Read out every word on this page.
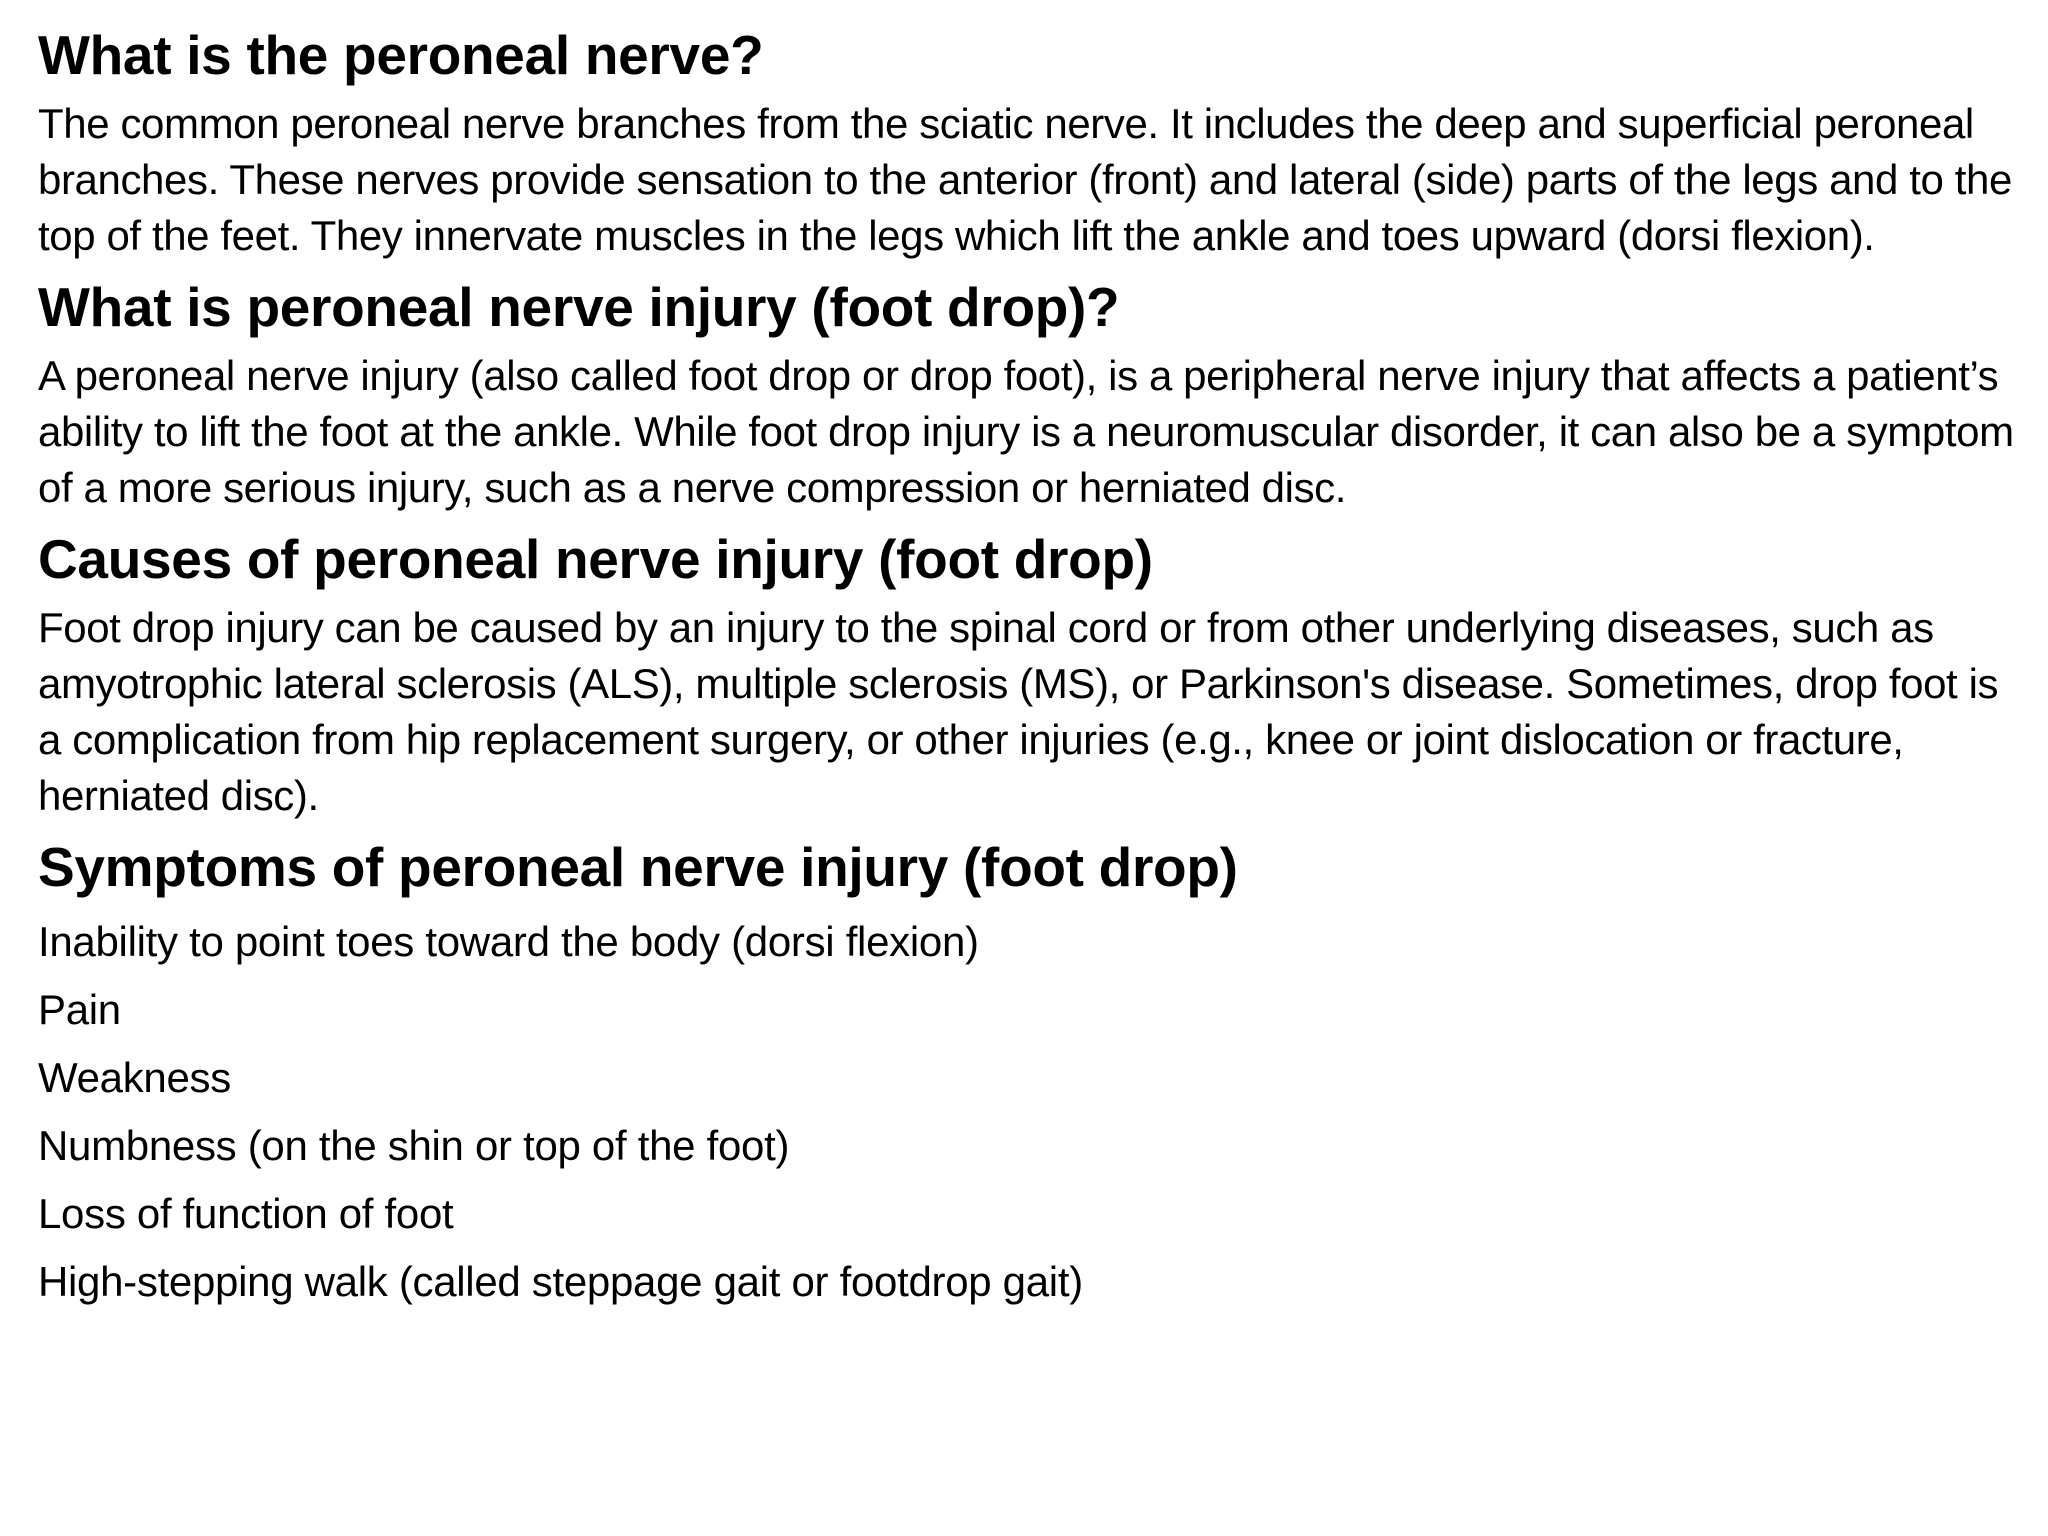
What is the peroneal nerve?

The common peroneal nerve branches from the sciatic nerve. It includes the deep and superficial peroneal branches. These nerves provide sensation to the anterior (front) and lateral (side) parts of the legs and to the top of the feet. They innervate muscles in the legs which lift the ankle and toes upward (dorsi flexion).

What is peroneal nerve injury (foot drop)?

A peroneal nerve injury (also called foot drop or drop foot), is a peripheral nerve injury that affects a patient’s ability to lift the foot at the ankle. While foot drop injury is a neuromuscular disorder, it can also be a symptom of a more serious injury, such as a nerve compression or herniated disc.

Causes of peroneal nerve injury (foot drop)

Foot drop injury can be caused by an injury to the spinal cord or from other underlying diseases, such as amyotrophic lateral sclerosis (ALS), multiple sclerosis (MS), or Parkinson's disease. Sometimes, drop foot is a complication from hip replacement surgery, or other injuries (e.g., knee or joint dislocation or fracture, herniated disc).

Symptoms of peroneal nerve injury (foot drop)
Inability to point toes toward the body (dorsi flexion)
Pain
Weakness
Numbness (on the shin or top of the foot)
Loss of function of foot
High-stepping walk (called steppage gait or footdrop gait)
